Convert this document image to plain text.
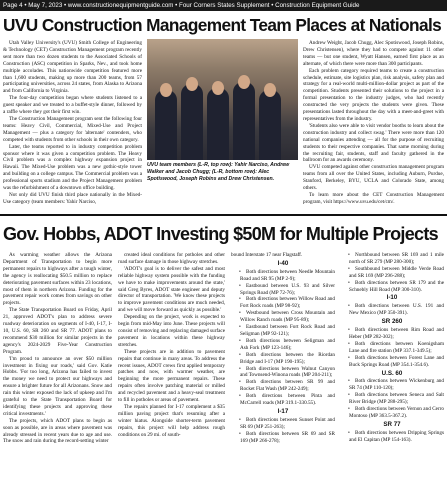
Page 4 • May 7, 2023 • www.constructionequipmentguide.com • Four Corners States Supplement • Construction Equipment Guide
UVU Construction Management Team Places at Nationals

Utah Valley University's (UVU) Smith College of Engineering & Technology (CET) Construction Management program recently sent more than two dozen students to the Associated Schools of Construction (ASC) competition in Sparks, Nev., and took home multiple accolades. This nationwide competition featured more than 1,600 students, making up more than 200 teams, from 57 participating universities, across 24 states, from Alaska to Arizona and from California to Virginia.

The four-day competition began where students listened to a guest speaker and we treated to a buffet-style dinner, followed by a raffle where they got their first win.

The Construction Management program sent the following four teams: Heavy Civil, Commercial, Mixed-Use and Project Management — plus a category for 'alternate' contenders, who competed with students from other schools in their own category.

Later, the teams reported to in industry competition problem sponsor where it was given a competition problem. The Heavy Civil problem was a complex highway expansion project in Hawaii. The Mixed-Use problem was a new gothic-style tower and building on a college campus. The Commercial problem was a professional sports stadium and the Project Management problem was the refurbishment of a downtown office building.

Not only did UVU finish third place nationally in the Mixed-Use category (team members: Yahir Narciso,

UVU team members (L-R, top row): Yahir Narciso, Andrew Walker and Jacob Chugg; (L-R, bottom row): Alec Spotiswood, Joseph Robins and Drew Christensen.

Andrew Weight, Jacob Chugg, Alec Spotiswood, Joseph Robins, Drew Christensen), where they had to compete against 11 other teams — but one student, Wyatt Hansen, earned first place as an alternate, of which there were more than 300 participants.

Each problem category required teams to create a construction schedule, estimate, site logistics plan, risk analysis, safety plan and strategy for a real-world multi-million-dollar project as part of the competition. Students presented their solutions to the project in a formal presentation to the industry judges, who had recently constructed the very projects the students were given. These presentations lasted throughout the day with a meet-and-greet with representatives from the industry.

'Students also were able to visit vendor booths to learn about the construction industry and collect swag.' There were more than 120 national companies attending — all for the purpose of recruiting students to their respective companies. That same morning during the recruiting fair, students, staff and faculty gathered in the ballroom for an awards ceremony.

UVU competed against other construction management program teams from all over the United States, including Auburn, Purdue, Stanford, Berkeley, BYU, UCLA and Colorado State, among others.

To learn more about the CET Construction Management program, visit https://www.uvu.edu/cet/cm/.

Gov. Hobbs, ADOT Investing $50M for Multiple Projects

As warming weather allows the Arizona Department of Transportation to begin more permanent repairs to highways after a tough winter, the agency is reallocating $50.5 million to replace deteriorating pavement surfaces within 23 locations, most of them in northern Arizona. Funding for the pavement repair work comes from savings on other projects.

The State Transportation Board on Friday, April 21, approved ADOT's plan to address severe roadway deterioration on segments of I-40, I-17, I-10, U.S. 60, SR 260 and SR 77. ADOT plans to recommend $30 million for similar projects in the agency's 2024-2029 Five-Year Construction Program.

'I'm proud to announce an over $50 million investment in fixing our roads,' said Gov. Katie Hobbs. 'For too long, Arizona has failed to invest the money we need to protect our highways and ensure a brighter future for all Arizonans. Snow and rain this winter exposed the lack of upkeep and I'm grateful to the State Transportation Board for identifying these projects and approving these critical investments.'

The projects, which ADOT plans to begin as soon as possible, are in areas where pavement was already stressed in recent years due to age and use. The snow and rain during the record-setting winter

created ideal conditions for potholes and other road surface damage in those highway stretches.

'ADOT's goal is to deliver the safest and most reliable highway system possible with the funding we have to make improvements around the state,' said Greg Byres, ADOT state engineer and deputy director of transportation. 'We know these projects to improve pavement conditions are much needed, and we will move forward as quickly as possible.'

Depending on the project, work is expected to begin from mid-May into June. These projects will consist of removing and replacing damaged surface pavement in locations within these highway stretches.

These projects are in addition to pavement repairs that continue in many areas. To address the recent issues, ADOT crews first applied temporary patches and now, with warmer weather, are beginning the more permanent repairs. These repairs often involve patching material or milled and recycled pavement and a heavy-seal treatment to fill in potholes or areas of pavement.

The repairs planned for I-17 complement a $35 million paving project that's resuming after a winter hiatus. Alongside shorter-term pavement repairs, this project will help address rough conditions on 29 mi. of south-

bound Interstate 17 near Flagstaff.

I-40

• Both directions between Needle Mountain Road and SR 95 (MP 2-9);

• Eastbound between U.S. 93 and Silver Springs Road (MP 72-76);

• Both directions between Willow Road and Fort Rock roads (MP 98-92);

• Westbound between Cross Mountain and Willow Ranch roads (MP 95-89);

• Eastbound between Fort Rock Road and Seligman (MP 92-121);

• Both directions between Seligman and Ash Fork (MP 123-146);

• Both directions between the Riordan Bridge and I-17 (MP 190-195);

• Both directions between Walnut Canyon and Townsend-Winona roads (MP 204-211);

• Both directions between SR 99 and Rocket Flat Wash (MP 242-249);

• Both directions between Pinta and McCarrell roads (MP 319.1-330.55).

I-17

• Both directions between Sunset Point and SR 69 (MP 251-263);

• Both directions between SR 69 and SR 169 (MP 266-278);

• Northbound between SR 169 and 1 mile north of SR 279 (MP 280-300);

• Southbound between Middle Verde Road and SR 169 (MP 296-288);

• Both directions between SR 179 and the Schnebly Hill Road (MP 300-310).

I-10

• Both directions between U.S. 191 and New Mexico (MP 350-391).

SR 260

• Both directions between Rim Road and Heber (MP 282-302);

• Both directions between Koenigsham Lane and fire station (MP 337.1-349.5);

• Both directions between Forest Lane and Buck Springs Road (MP 354.1-354.6).

U.S. 60

• Both directions between Wickenburg and SR 74 (MP 110-120);

• Both directions between Seneca and Salt River Bridge (MP 288-295);

• Both directions between Vernon and Cerro Montoso (MP 363.5-367.2).

SR 77

• Both directions between Dripping Springs and El Capitan (MP 154-163).
